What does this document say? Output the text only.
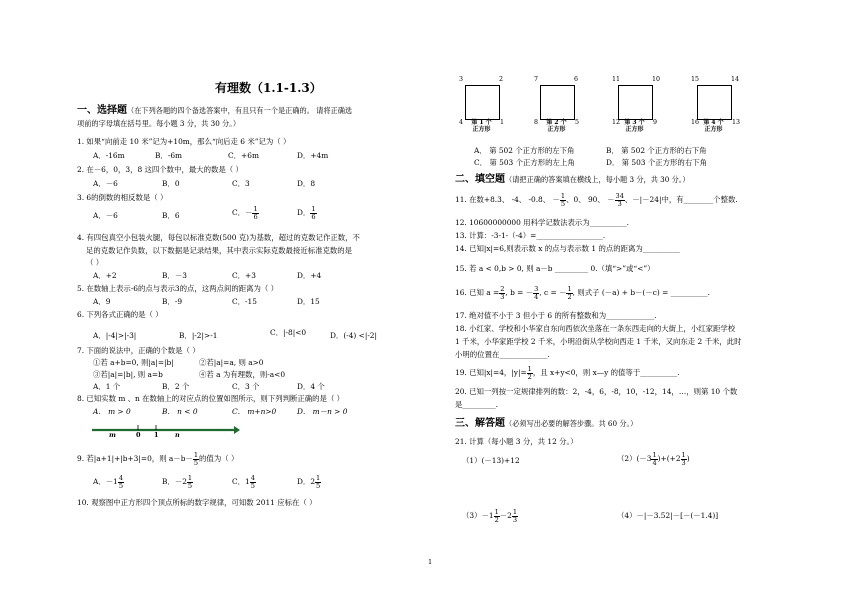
有理数（1.1-1.3）
一、选择题（在下列各题的四个备选答案中，有且只有一个是正确的。 请将正确选
项前的字母填在括号里。每小题 3 分，共 30 分。）
1. 如果“向前走 10 米”记为+10m，那么“向后走 6 米”记为（ ）
A．-16m	B．-6m	C．+6m	D．+4m
2. 在－6，0，3，8 这四个数中，最大的数是（ ）
A．－6	B．0	C．3	D．8
3. 6的倒数的相反数是（ ）
A．－6	B．6	C．－ $\frac{1}{6}$	D． $\frac{1}{6}$
4. 有四包真空小包装火腿，每包以标准克数(500 克)为基数，超过的克数记作正数，不
足的克数记作负数，以下数据是记录结果，其中表示实际克数最接近标准克数的是
（ ）
A．+2	B．－3	C．+3	D．+4
5. 在数轴上表示-6的点与表示3的点，这两点间的距离为（ ）
A．9	B．-9	C．-15	D．15
6. 下列各式正确的是（ ）
A．|-4|>|-3|	B．|-2|>-1	C．|-8|<0	D．(-4) <|-2|
7. 下面的说法中，正确的个数是（ ）
①若 a+b=0, 则|a|=|b|	②若|a|=a, 则 a>0
③若|a|=|b|, 则 a=b	④若 a 为有理数，则-a<0
A．1 个	B．2 个	C．3 个	D．4 个
8. 已知实数 m 、n 在数轴上的对应点的位置如图所示，则下列判断正确的是（ ）
A． m > 0	B． n < 0	C． m+n>0	D． m－n > 0
m	0 1	n
9. 若|a+1|+|b+3|=0，则 $a-b- \frac{1}{5}$ 的值为（ ）
A．$-1 \frac{4}{5}$	B．$-2 \frac{1}{5}$	C．$1 \frac{4}{5}$	D．$2 \frac{1}{5}$
10. 观察图中正方形四个顶点所标的数字规律，可知数 2011 应标在（ ）
3	2
4	1
第 1 个
正方形
7	6
8	5
第 2 个
正方形
11	10
12	9
第 3 个
正方形
15	14
16	13
第 4 个
正方形
A． 第 502 个正方形的左下角	B． 第 502 个正方形的右下角
C． 第 503 个正方形的左上角	D． 第 503 个正方形的右下角
二、填空题（请把正确的答案填在横线上，每小题 3 分，共 30 分。）
11. 在数+8.3、 -4、 -0.8、 － $\frac{1}{5}$ 、0、 90、 － $\frac{34}{3}$ 、－|－24|中，有________个整数.
12. 10600000000 用科学记数法表示为__________.
13. 计算：-3-1-（-4）=__________________.
14. 已知|x|=6,则表示数 x 的点与表示数 1 的点的距离为__________
15. 若 a < 0,b > 0, 则 a－b _________ 0.（填“>”或“<”）
16. 已知 $a = \frac{2}{3}$ , b = － $\frac{3}{4}$ , c = － $\frac{1}{2}$ , 则式子 (－a) + b－(－c) = __________.
17. 绝对值不小于 3 但小于 6 的所有整数和为_____________.
18. 小红家、学校和小华家自东向西依次坐落在一条东西走向的大街上，小红家距学校
1 千米，小华家距学校 2 千米，小明沿街从学校向西走 1 千米，又向东走 2 千米，此时
小明的位置在_____________.
19. 已知|x|=4，$|y|= \frac{1}{2}$ ，且 x+y<0，则 x—y 的值等于__________.
20. 已知一列按一定规律排列的数：2，-4，6，-8，10，-12，14，…，则第 10 个数
是_________.
三、解答题（必须写出必要的解答步骤。共 60 分。）
21. 计算（每小题 3 分，共 12 分。）
（1）(－13)+12	$(2)(-3 \frac{1}{4} )+(+2 \frac{1}{3}$ )
$(3)-1 \frac{1}{2} -2 \frac{1}{3}$	（4）－|－3.52|－[－(－1.4)]
1
